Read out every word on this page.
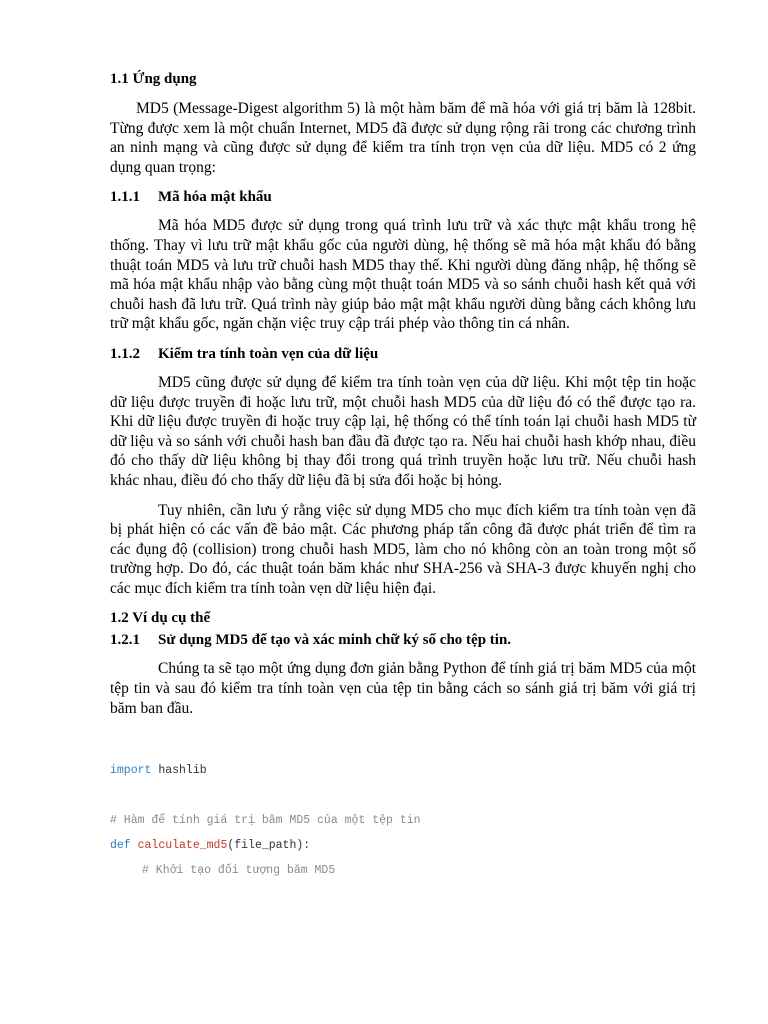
1.1 Ứng dụng

MD5 (Message-Digest algorithm 5) là một hàm băm để mã hóa với giá trị băm là 128bit. Từng được xem là một chuẩn Internet, MD5 đã được sử dụng rộng rãi trong các chương trình an ninh mạng và cũng được sử dụng để kiểm tra tính trọn vẹn của dữ liệu. MD5 có 2 ứng dụng quan trọng:

1.1.1	Mã hóa mật khẩu

Mã hóa MD5 được sử dụng trong quá trình lưu trữ và xác thực mật khẩu trong hệ thống. Thay vì lưu trữ mật khẩu gốc của người dùng, hệ thống sẽ mã hóa mật khẩu đó bằng thuật toán MD5 và lưu trữ chuỗi hash MD5 thay thế. Khi người dùng đăng nhập, hệ thống sẽ mã hóa mật khẩu nhập vào bằng cùng một thuật toán MD5 và so sánh chuỗi hash kết quả với chuỗi hash đã lưu trữ. Quá trình này giúp bảo mật mật khẩu người dùng bằng cách không lưu trữ mật khẩu gốc, ngăn chặn việc truy cập trái phép vào thông tin cá nhân.

1.1.2	Kiểm tra tính toàn vẹn của dữ liệu

MD5 cũng được sử dụng để kiểm tra tính toàn vẹn của dữ liệu. Khi một tệp tin hoặc dữ liệu được truyền đi hoặc lưu trữ, một chuỗi hash MD5 của dữ liệu đó có thể được tạo ra. Khi dữ liệu được truyền đi hoặc truy cập lại, hệ thống có thể tính toán lại chuỗi hash MD5 từ dữ liệu và so sánh với chuỗi hash ban đầu đã được tạo ra. Nếu hai chuỗi hash khớp nhau, điều đó cho thấy dữ liệu không bị thay đổi trong quá trình truyền hoặc lưu trữ. Nếu chuỗi hash khác nhau, điều đó cho thấy dữ liệu đã bị sửa đổi hoặc bị hỏng.

Tuy nhiên, cần lưu ý rằng việc sử dụng MD5 cho mục đích kiểm tra tính toàn vẹn đã bị phát hiện có các vấn đề bảo mật. Các phương pháp tấn công đã được phát triển để tìm ra các đụng độ (collision) trong chuỗi hash MD5, làm cho nó không còn an toàn trong một số trường hợp. Do đó, các thuật toán băm khác như SHA-256 và SHA-3 được khuyến nghị cho các mục đích kiểm tra tính toàn vẹn dữ liệu hiện đại.

1.2 Ví dụ cụ thể
1.2.1	Sử dụng MD5 để tạo và xác minh chữ ký số cho tệp tin.

Chúng ta sẽ tạo một ứng dụng đơn giản bằng Python để tính giá trị băm MD5 của một tệp tin và sau đó kiểm tra tính toàn vẹn của tệp tin bằng cách so sánh giá trị băm với giá trị băm ban đầu.

import hashlib
# Hàm để tính giá trị băm MD5 của một tệp tin
def calculate_md5(file_path):
# Khởi tạo đối tượng băm MD5
